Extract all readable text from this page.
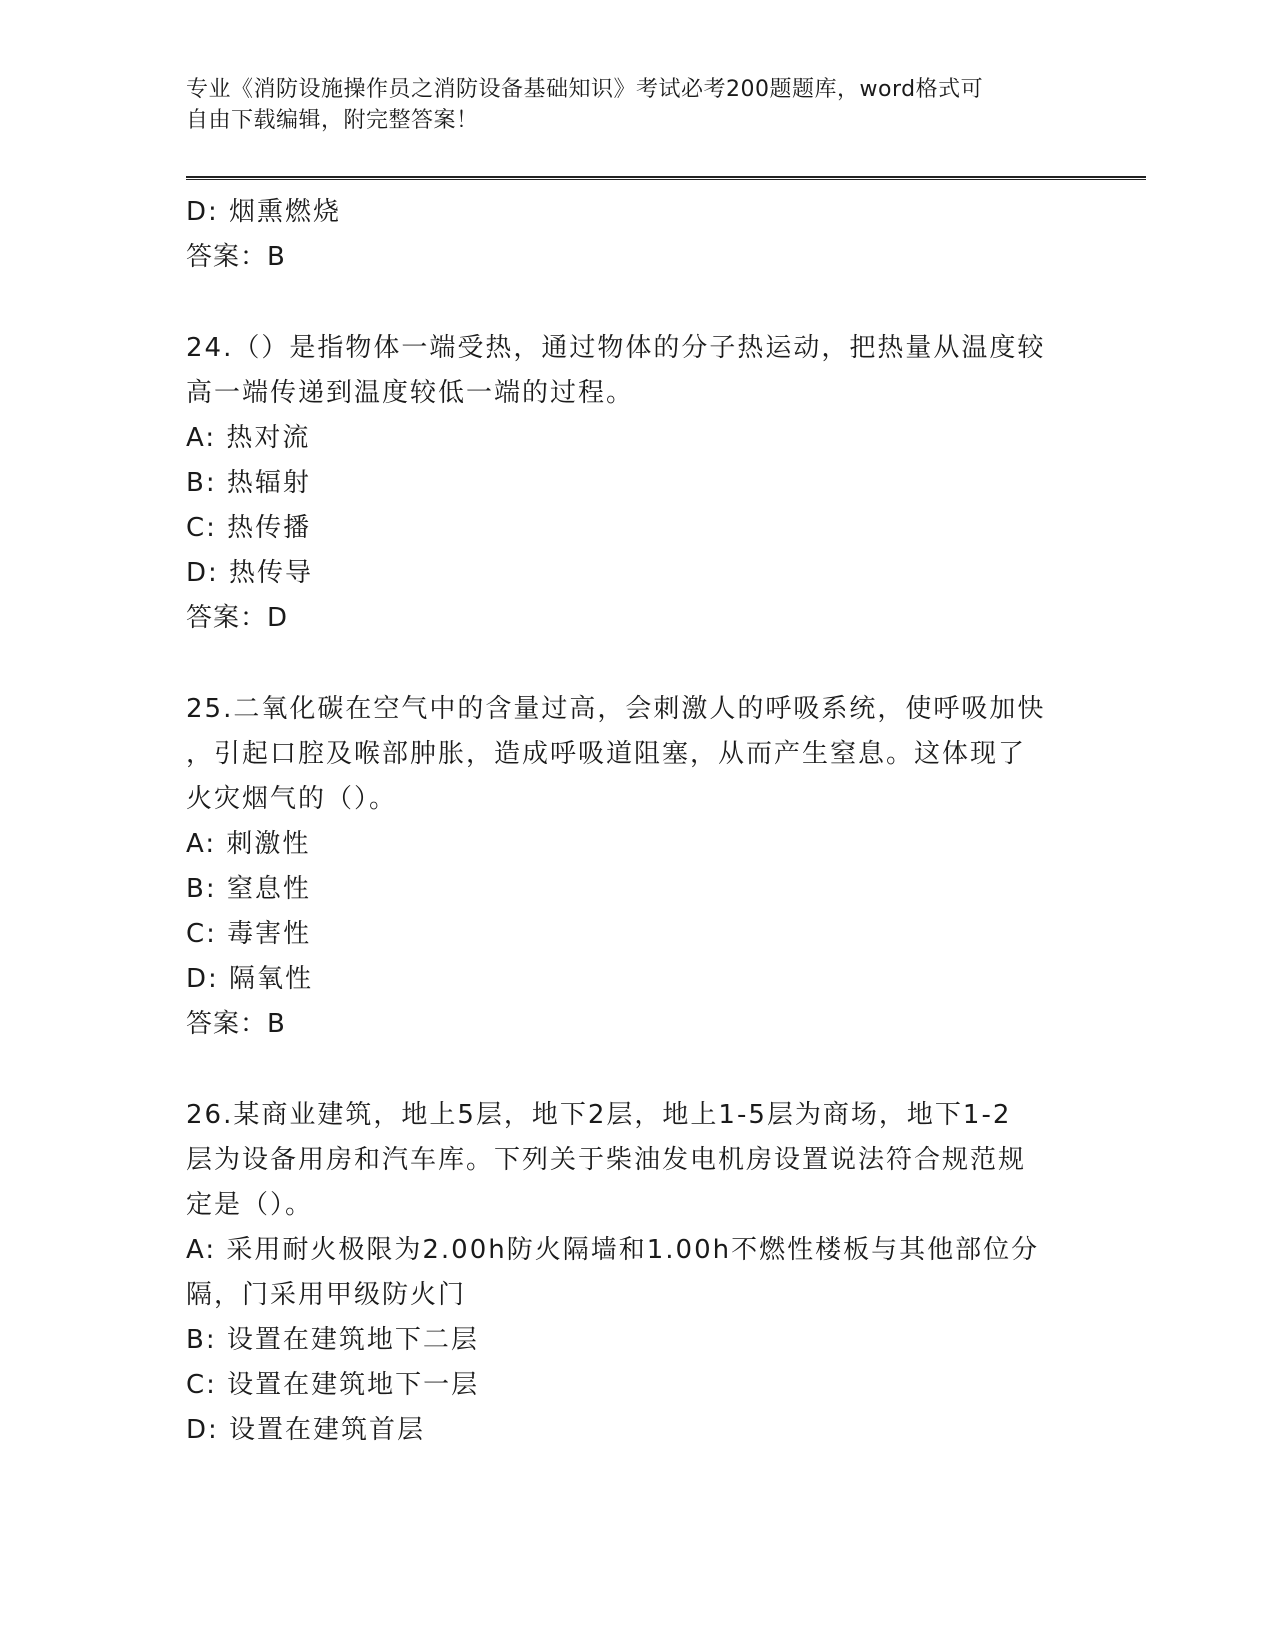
专业《消防设施操作员之消防设备基础知识》考试必考200题题库，word格式可
自由下载编辑，附完整答案！
D: 烟熏燃烧
答案：B
24.（）是指物体一端受热，通过物体的分子热运动，把热量从温度较
高一端传递到温度较低一端的过程。
A: 热对流
B: 热辐射
C: 热传播
D: 热传导
答案：D
25.二氧化碳在空气中的含量过高，会刺激人的呼吸系统，使呼吸加快
，引起口腔及喉部肿胀，造成呼吸道阻塞，从而产生窒息。这体现了
火灾烟气的（）。
A: 刺激性
B: 窒息性
C: 毒害性
D: 隔氧性
答案：B
26.某商业建筑，地上5层，地下2层，地上1-5层为商场，地下1-2
层为设备用房和汽车库。下列关于柴油发电机房设置说法符合规范规
定是（）。
A: 采用耐火极限为2.00h防火隔墙和1.00h不燃性楼板与其他部位分
隔，门采用甲级防火门
B: 设置在建筑地下二层
C: 设置在建筑地下一层
D: 设置在建筑首层
